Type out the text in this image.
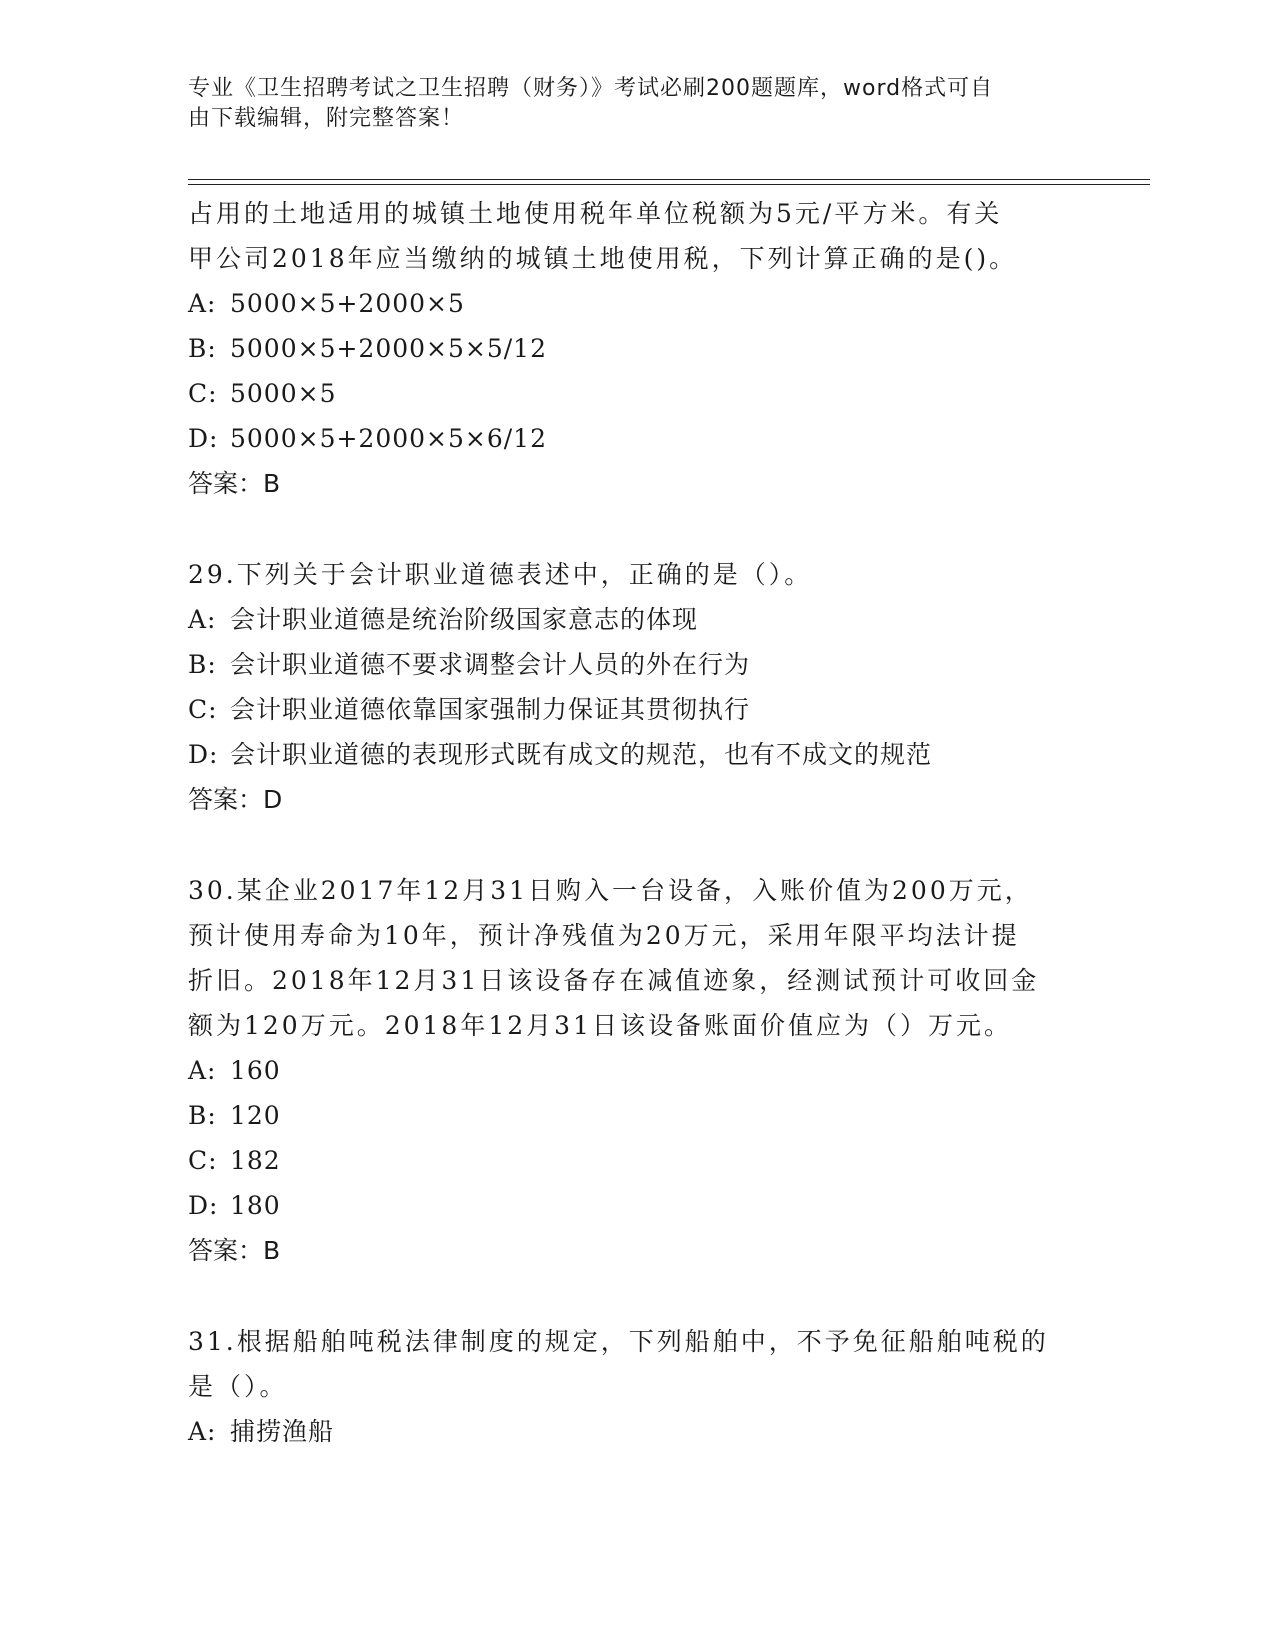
专业《卫生招聘考试之卫生招聘（财务）》考试必刷200题题库，word格式可自
由下载编辑，附完整答案！

占用的土地适用的城镇土地使用税年单位税额为5元/平方米。有关

甲公司2018年应当缴纳的城镇土地使用税，下列计算正确的是()。

A: 5000×5+2000×5

B: 5000×5+2000×5×5/12

C: 5000×5

D: 5000×5+2000×5×6/12

答案：B

29.下列关于会计职业道德表述中，正确的是（）。

A: 会计职业道德是统治阶级国家意志的体现

B: 会计职业道德不要求调整会计人员的外在行为

C: 会计职业道德依靠国家强制力保证其贯彻执行

D: 会计职业道德的表现形式既有成文的规范，也有不成文的规范

答案：D

30.某企业2017年12月31日购入一台设备，入账价值为200万元，

预计使用寿命为10年，预计净残值为20万元，采用年限平均法计提

折旧。2018年12月31日该设备存在减值迹象，经测试预计可收回金

额为120万元。2018年12月31日该设备账面价值应为（）万元。

A: 160

B: 120

C: 182

D: 180

答案：B

31.根据船舶吨税法律制度的规定，下列船舶中，不予免征船舶吨税的

是（）。

A: 捕捞渔船
